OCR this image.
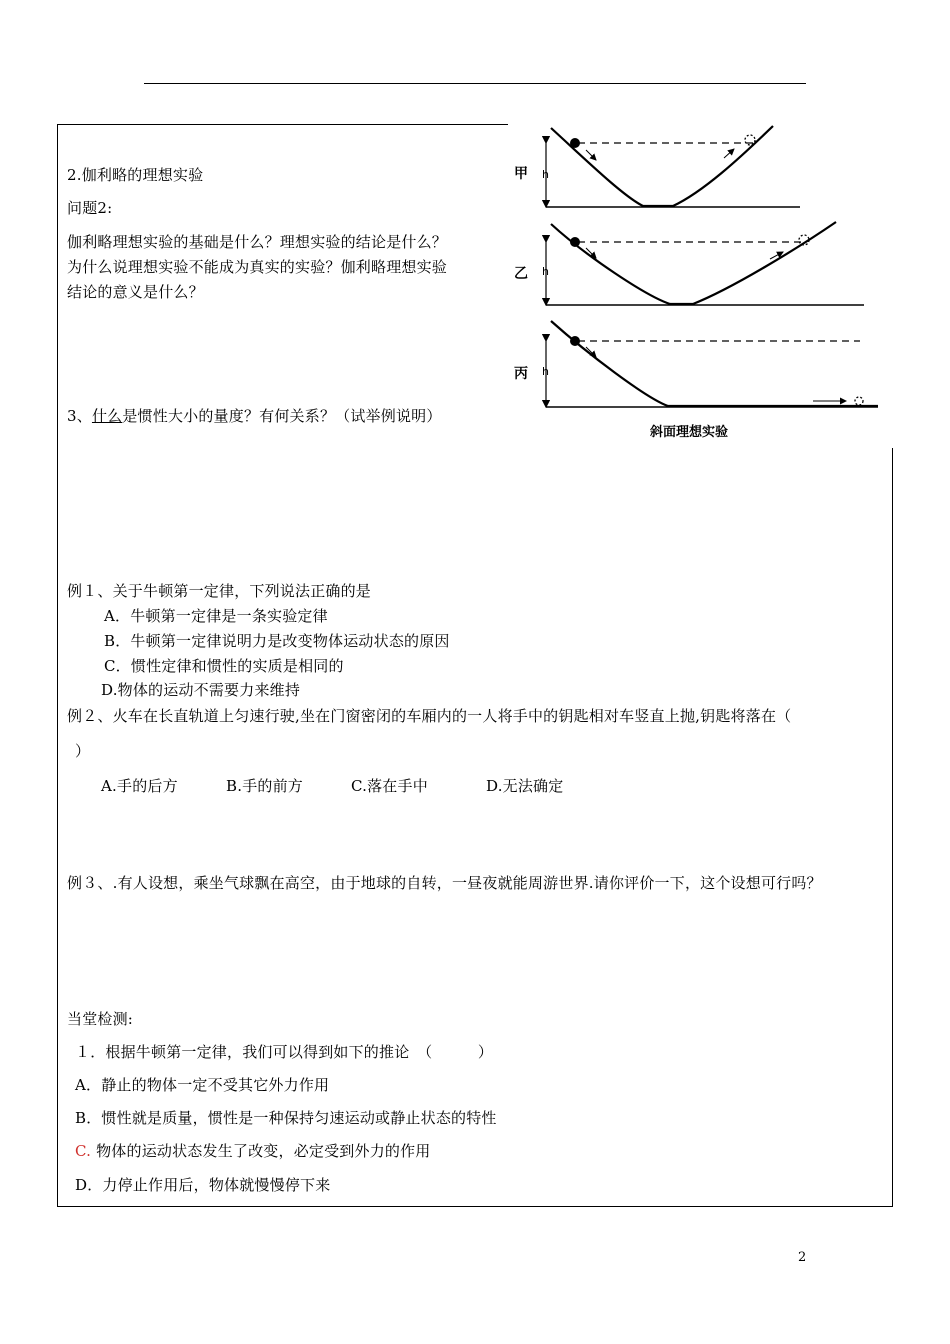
2.伽利略的理想实验
问题2:
伽利略理想实验的基础是什么？理想实验的结论是什么？
为什么说理想实验不能成为真实的实验？伽利略理想实验
结论的意义是什么？
3、什么是惯性大小的量度？有何关系？（试举例说明）
甲 h
乙 h
丙 h
斜面理想实验
例１、关于牛顿第一定律，下列说法正确的是
A．牛顿第一定律是一条实验定律
B．牛顿第一定律说明力是改变物体运动状态的原因
C．惯性定律和惯性的实质是相同的
D.物体的运动不需要力来维持
例２、火车在长直轨道上匀速行驶,坐在门窗密闭的车厢内的一人将手中的钥匙相对车竖直上抛,钥匙将落在（
）
A.手的后方	B.手的前方	C.落在手中	D.无法确定
例３、.有人设想，乘坐气球飘在高空，由于地球的自转，一昼夜就能周游世界.请你评价一下，这个设想可行吗？
当堂检测:
１．根据牛顿第一定律，我们可以得到如下的推论　（　　　）
A．静止的物体一定不受其它外力作用
B．惯性就是质量，惯性是一种保持匀速运动或静止状态的特性
C. 物体的运动状态发生了改变，必定受到外力的作用
D．力停止作用后，物体就慢慢停下来
2
